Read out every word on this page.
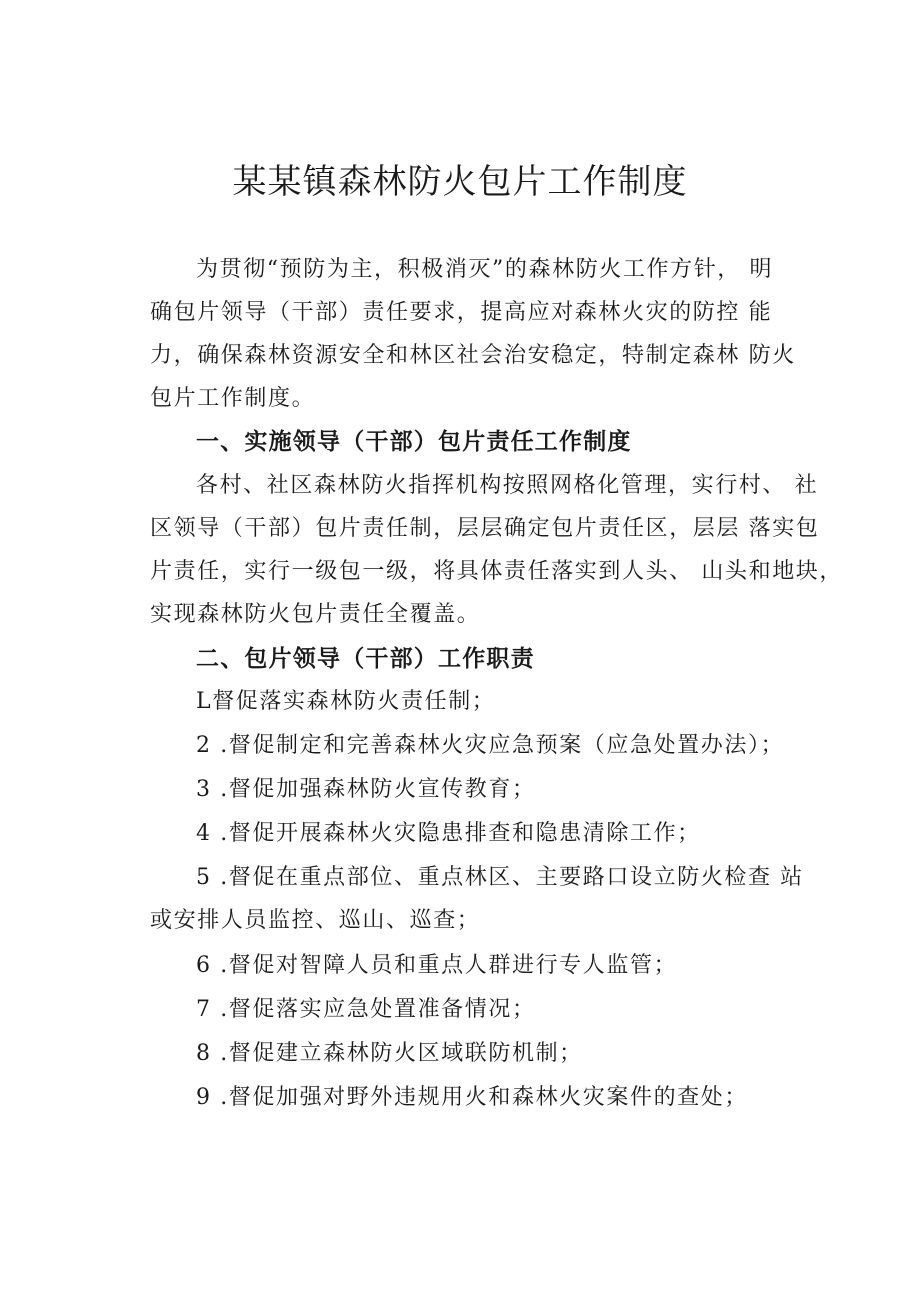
某某镇森林防火包片工作制度
为贯彻“预防为主，积极消灭”的森林防火工作方针， 明
确包片领导（干部）责任要求，提高应对森林火灾的防控 能
力，确保森林资源安全和林区社会治安稳定，特制定森林 防火
包片工作制度。
一、实施领导（干部）包片责任工作制度
各村、社区森林防火指挥机构按照网格化管理，实行村、 社
区领导（干部）包片责任制，层层确定包片责任区，层层 落实包
片责任，实行一级包一级，将具体责任落实到人头、 山头和地块，
实现森林防火包片责任全覆盖。
二、包片领导（干部）工作职责
L督促落实森林防火责任制；
2 .督促制定和完善森林火灾应急预案（应急处置办法）；
3 .督促加强森林防火宣传教育；
4 .督促开展森林火灾隐患排查和隐患清除工作；
5 .督促在重点部位、重点林区、主要路口设立防火检查 站
或安排人员监控、巡山、巡查；
6 .督促对智障人员和重点人群进行专人监管；
7 .督促落实应急处置准备情况；
8 .督促建立森林防火区域联防机制；
9 .督促加强对野外违规用火和森林火灾案件的查处；
